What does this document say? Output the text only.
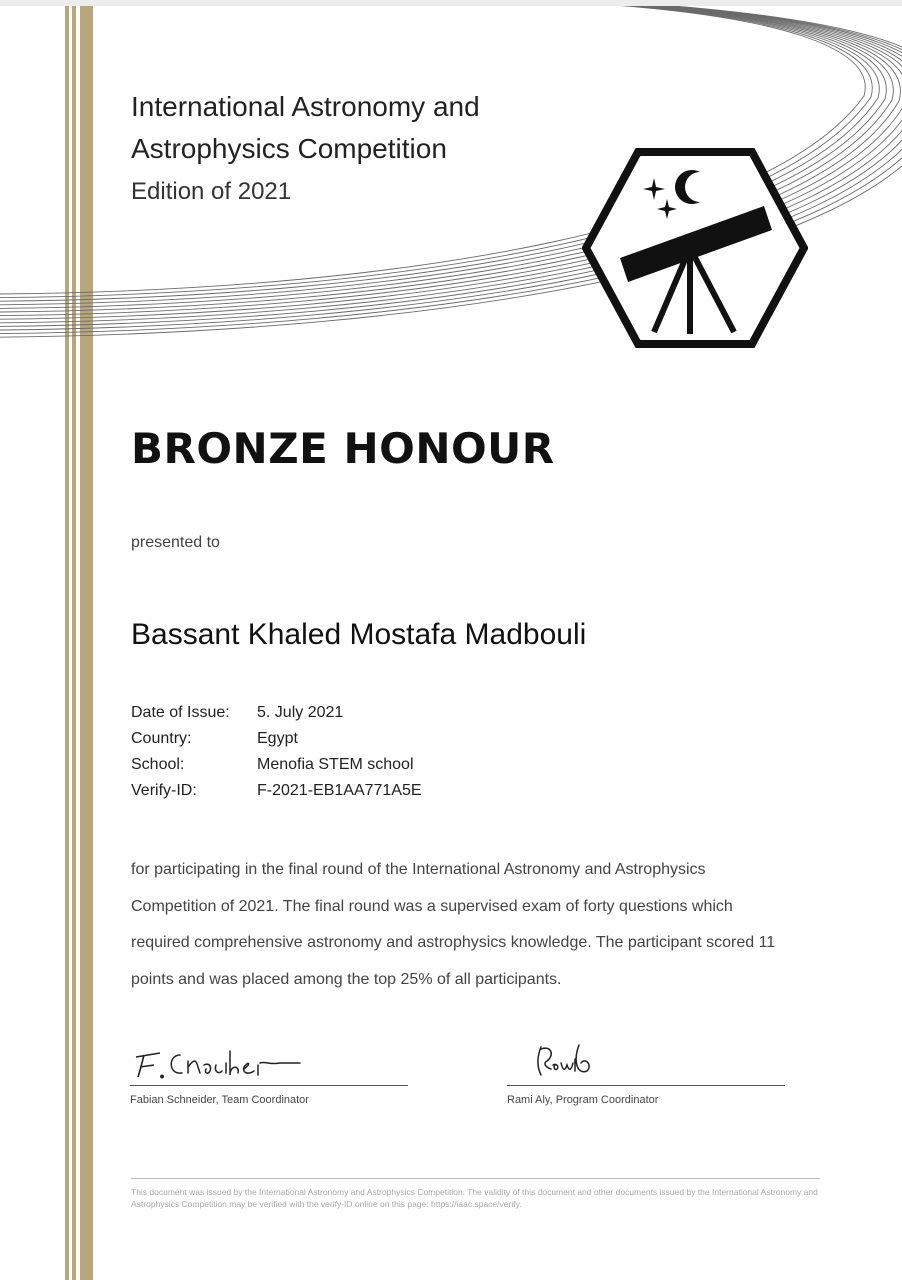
International Astronomy and
Astrophysics Competition
Edition of 2021
BRONZE HONOUR
presented to
Bassant Khaled Mostafa Madbouli
Date of Issue:	5. July 2021
Country:	Egypt
School:	Menofia STEM school
Verify-ID:	F-2021-EB1AA771A5E
for participating in the final round of the International Astronomy and Astrophysics Competition of 2021. The final round was a supervised exam of forty questions which required comprehensive astronomy and astrophysics knowledge. The participant scored 11 points and was placed among the top 25% of all participants.
Fabian Schneider, Team Coordinator	Rami Aly, Program Coordinator
This document was issued by the International Astronomy and Astrophysics Competition. The validity of this document and other documents issued by the International Astronomy and Astrophysics Competition may be verified with the verify-ID online on this page: https://iaac.space/verify.
